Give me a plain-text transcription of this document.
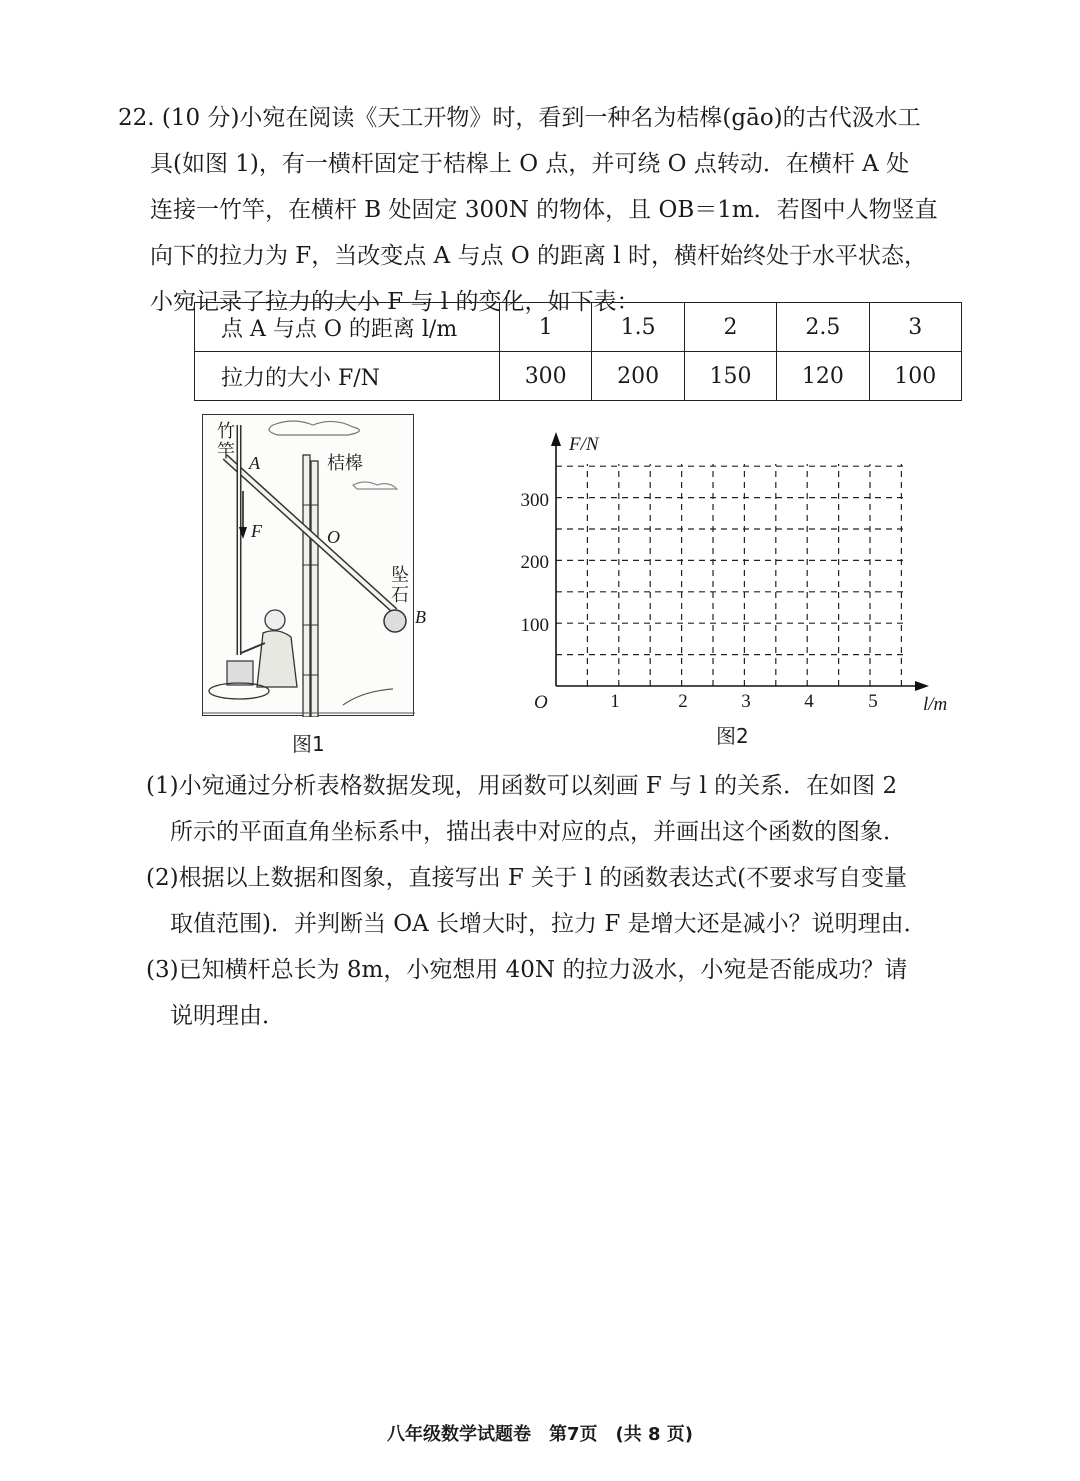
22. (10 分)小宛在阅读《天工开物》时，看到一种名为桔槔(gāo)的古代汲水工
具(如图 1)，有一横杆固定于桔槔上 O 点，并可绕 O 点转动．在横杆 A 处
连接一竹竿，在横杆 B 处固定 300N 的物体，且 OB＝1m．若图中人物竖直
向下的拉力为 F，当改变点 A 与点 O 的距离 l 时，横杆始终处于水平状态，
小宛记录了拉力的大小 F 与 l 的变化，如下表：
点 A 与点 O 的距离 l/m	1	1.5	2	2.5	3
拉力的大小 F/N	300	200	150	120	100
竹
竿
A
F
桔槔
O
坠
石
B
图1
F/N
l/m
O	1	2	3	4	5
100
200
300
图2
(1)小宛通过分析表格数据发现，用函数可以刻画 F 与 l 的关系．在如图 2
所示的平面直角坐标系中，描出表中对应的点，并画出这个函数的图象．
(2)根据以上数据和图象，直接写出 F 关于 l 的函数表达式(不要求写自变量
取值范围)．并判断当 OA 长增大时，拉力 F 是增大还是减小？说明理由．
(3)已知横杆总长为 8m，小宛想用 40N 的拉力汲水，小宛是否能成功？请
说明理由．
八年级数学试题卷　第7页　(共 8 页)
